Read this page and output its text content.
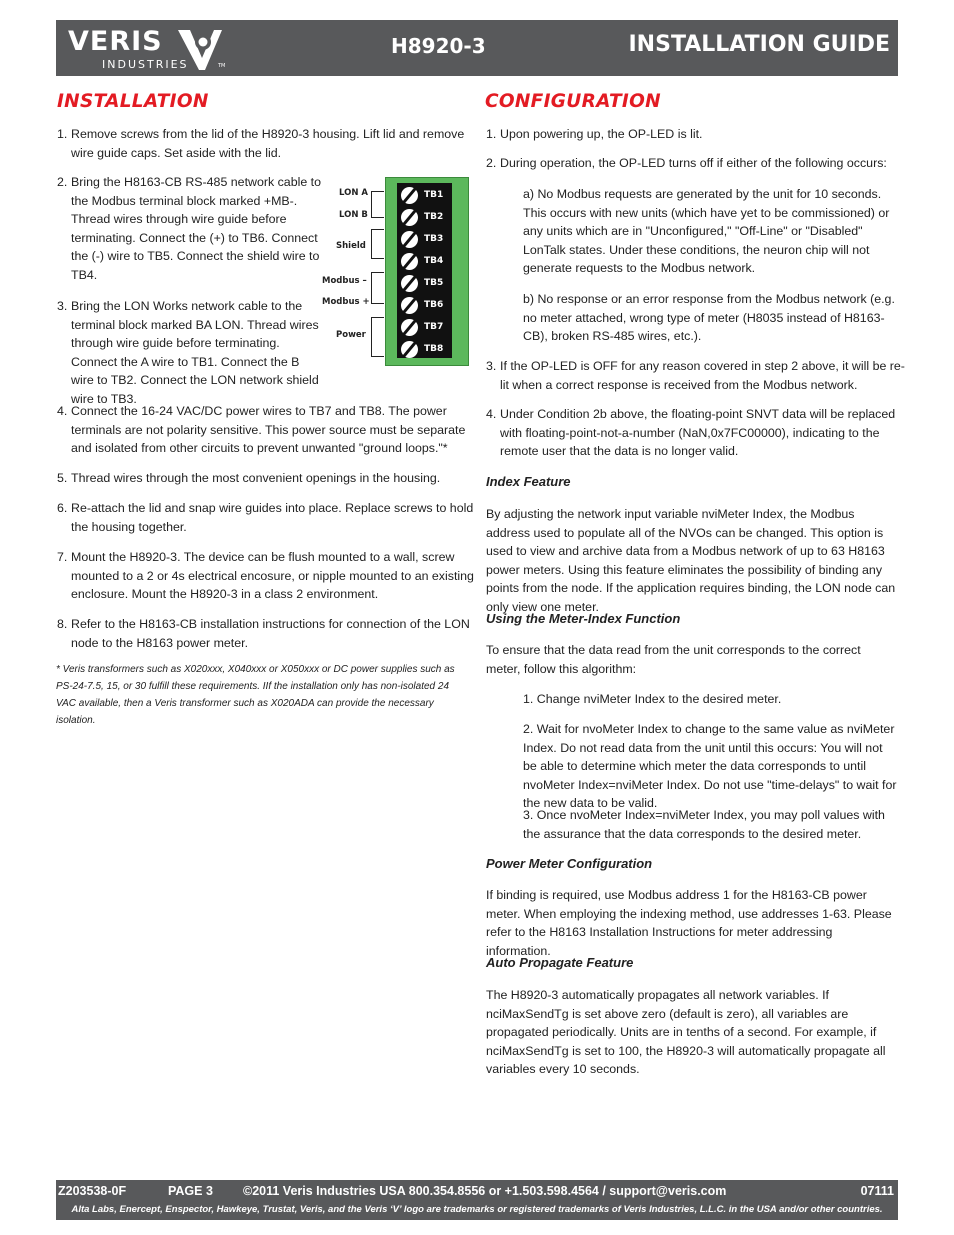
VERIS
INDUSTRIES	TM
H8920-3	INSTALLATION GUIDE
INSTALLATION
1. Remove screws from the lid of the H8920-3 housing. Lift lid and remove wire guide caps. Set aside with the lid.
2. Bring the H8163-CB RS-485 network cable to the Modbus terminal block marked +MB-. Thread wires through wire guide before terminating. Connect the (+) to TB6. Connect the (-) wire to TB5. Connect the shield wire to TB4.
3. Bring the LON Works network cable to the terminal block marked BA LON. Thread wires through wire guide before terminating. Connect the A wire to TB1. Connect the B wire to TB2. Connect the LON network shield wire to TB3.
4. Connect the 16-24 VAC/DC power wires to TB7 and TB8. The power terminals are not polarity sensitive. This power source must be separate and isolated from other circuits to prevent unwanted "ground loops."*
5. Thread wires through the most convenient openings in the housing.
6. Re-attach the lid and snap wire guides into place. Replace screws to hold the housing together.
7. Mount the H8920-3. The device can be flush mounted to a wall, screw mounted to a 2 or 4s electrical encosure, or nipple mounted to an existing enclosure. Mount the H8920-3 in a class 2 environment.
8. Refer to the H8163-CB installation instructions for connection of the LON node to the H8163 power meter.
* Veris transformers such as X020xxx, X040xxx or X050xxx or DC power supplies such as PS-24-7.5, 15, or 30 fulfill these requirements. IIf the installation only has non-isolated 24 VAC available, then a Veris transformer such as X020ADA can provide the necessary isolation.
LON A
LON B
Shield
Modbus –
Modbus +
Power
TB1
TB2
TB3
TB4
TB5
TB6
TB7
TB8
CONFIGURATION
1. Upon powering up, the OP-LED is lit.
2. During operation, the OP-LED turns off if either of the following occurs:
a) No Modbus requests are generated by the unit for 10 seconds. This occurs with new units (which have yet to be commissioned) or any units which are in "Unconfigured," "Off-Line" or "Disabled" LonTalk states. Under these conditions, the neuron chip will not generate requests to the Modbus network.
b) No response or an error response from the Modbus network (e.g. no meter attached, wrong type of meter (H8035 instead of H8163-CB), broken RS-485 wires, etc.).
3. If the OP-LED is OFF for any reason covered in step 2 above, it will be re-lit when a correct response is received from the Modbus network.
4. Under Condition 2b above, the floating-point SNVT data will be replaced with floating-point-not-a-number (NaN,0x7FC00000), indicating to the remote user that the data is no longer valid.
Index Feature
By adjusting the network input variable nviMeter Index, the Modbus address used to populate all of the NVOs can be changed. This option is used to view and archive data from a Modbus network of up to 63 H8163 power meters. Using this feature eliminates the possibility of binding any points from the node. If the application requires binding, the LON node can only view one meter.
Using the Meter-Index Function
To ensure that the data read from the unit corresponds to the correct meter, follow this algorithm:
1. Change nviMeter Index to the desired meter.
2. Wait for nvoMeter Index to change to the same value as nviMeter Index. Do not read data from the unit until this occurs: You will not be able to determine which meter the data corresponds to until nvoMeter Index=nviMeter Index. Do not use "time-delays" to wait for the new data to be valid.
3. Once nvoMeter Index=nviMeter Index, you may poll values with the assurance that the data corresponds to the desired meter.
Power Meter Configuration
If binding is required, use Modbus address 1 for the H8163-CB power meter. When employing the indexing method, use addresses 1-63. Please refer to the H8163 Installation Instructions for meter addressing information.
Auto Propagate Feature
The H8920-3 automatically propagates all network variables. If nciMaxSendTg is set above zero (default is zero), all variables are propagated periodically. Units are in tenths of a second. For example, if nciMaxSendTg is set to 100, the H8920-3 will automatically propagate all variables every 10 seconds.
Z203538-0F	PAGE 3 ©2011 Veris Industries USA 800.354.8556 or +1.503.598.4564 / support@veris.com	07111
Alta Labs, Enercept, Enspector, Hawkeye, Trustat, Veris, and the Veris ‘V’ logo are trademarks or registered trademarks of Veris Industries, L.L.C. in the USA and/or other countries.
